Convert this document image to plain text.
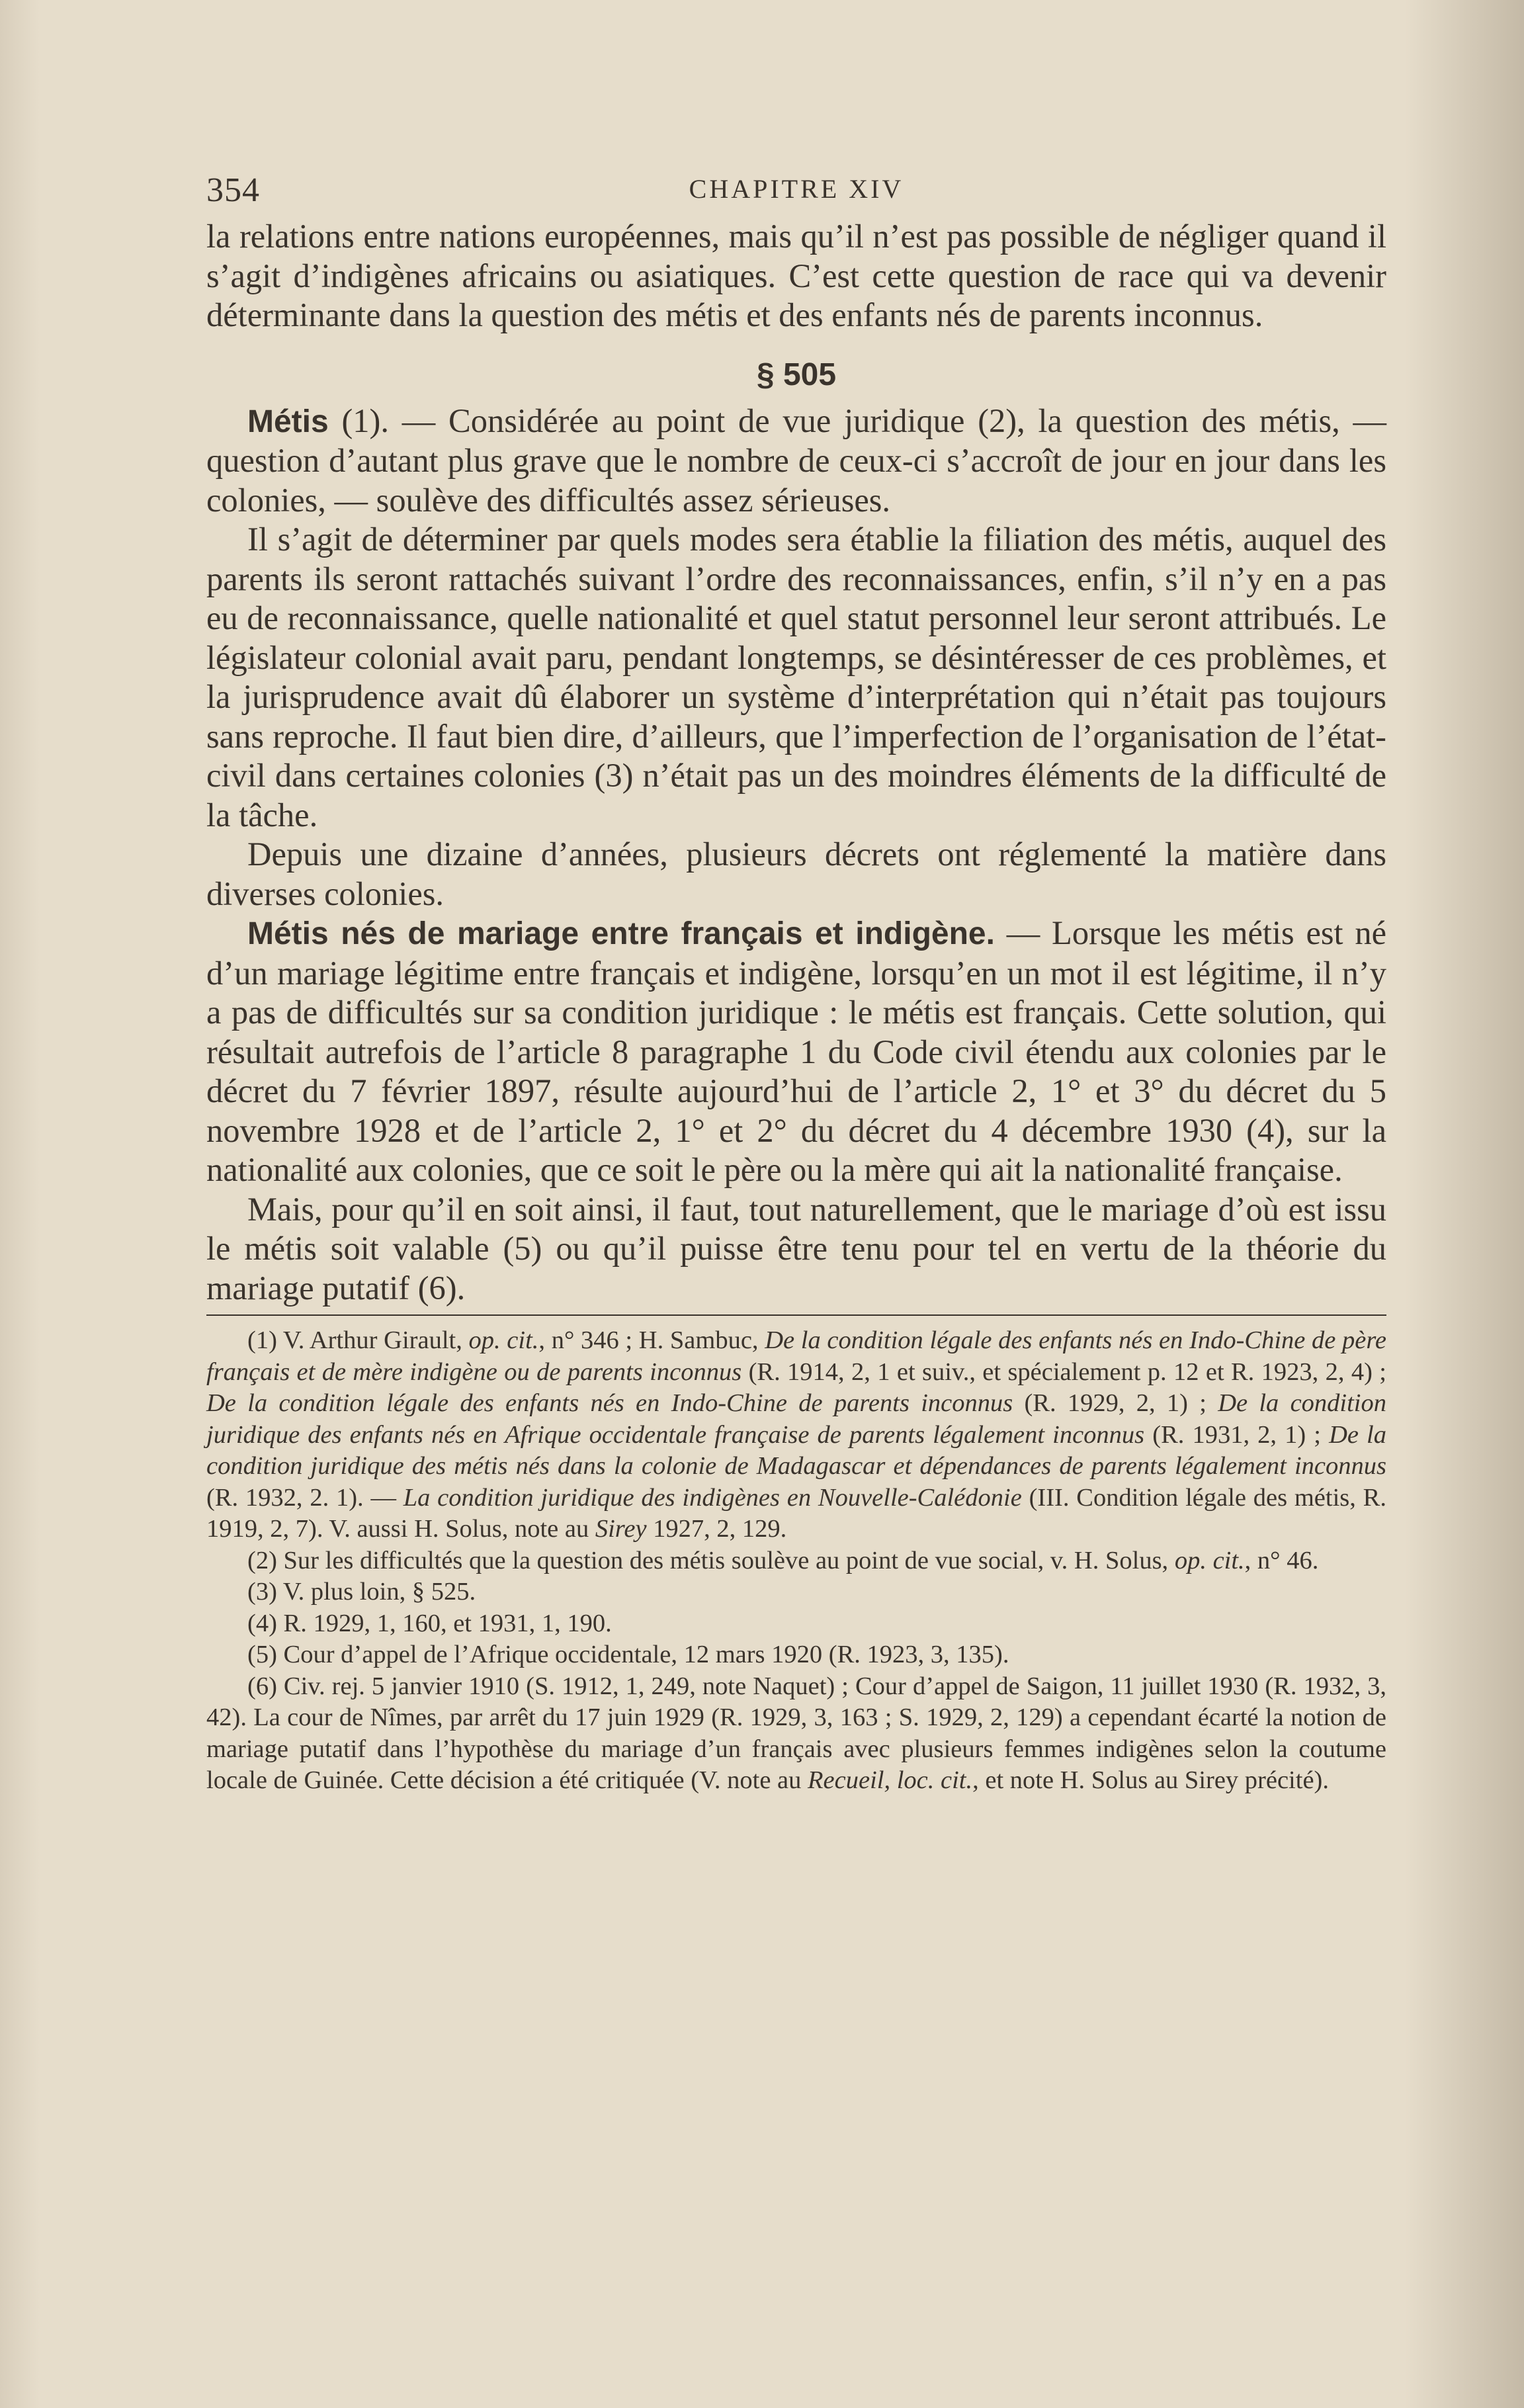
354	CHAPITRE XIV

la relations entre nations européennes, mais qu’il n’est pas possible de négliger quand il s’agit d’indigènes africains ou asiatiques. C’est cette question de race qui va devenir déterminante dans la question des métis et des enfants nés de parents inconnus.

§ 505

Métis (1). — Considérée au point de vue juridique (2), la question des métis, — question d’autant plus grave que le nombre de ceux-ci s’accroît de jour en jour dans les colonies, — soulève des difficultés assez sérieuses.

Il s’agit de déterminer par quels modes sera établie la filiation des métis, auquel des parents ils seront rattachés suivant l’ordre des reconnaissances, enfin, s’il n’y en a pas eu de reconnaissance, quelle nationalité et quel statut personnel leur seront attribués. Le législateur colonial avait paru, pendant longtemps, se désintéresser de ces problèmes, et la jurisprudence avait dû élaborer un système d’interprétation qui n’était pas toujours sans reproche. Il faut bien dire, d’ailleurs, que l’imperfection de l’organisation de l’état-civil dans certaines colonies (3) n’était pas un des moindres éléments de la difficulté de la tâche.

Depuis une dizaine d’années, plusieurs décrets ont réglementé la matière dans diverses colonies.

Métis nés de mariage entre français et indigène. — Lorsque les métis est né d’un mariage légitime entre français et indigène, lorsqu’en un mot il est légitime, il n’y a pas de difficultés sur sa condition juridique : le métis est français. Cette solution, qui résultait autrefois de l’article 8 paragraphe 1 du Code civil étendu aux colonies par le décret du 7 février 1897, résulte aujourd’hui de l’article 2, 1° et 3° du décret du 5 novembre 1928 et de l’article 2, 1° et 2° du décret du 4 décembre 1930 (4), sur la nationalité aux colonies, que ce soit le père ou la mère qui ait la nationalité française.

Mais, pour qu’il en soit ainsi, il faut, tout naturellement, que le mariage d’où est issu le métis soit valable (5) ou qu’il puisse être tenu pour tel en vertu de la théorie du mariage putatif (6).

(1) V. Arthur Girault, op. cit., n° 346 ; H. Sambuc, De la condition légale des enfants nés en Indo-Chine de père français et de mère indigène ou de parents inconnus (R. 1914, 2, 1 et suiv., et spécialement p. 12 et R. 1923, 2, 4) ; De la condition légale des enfants nés en Indo-Chine de parents inconnus (R. 1929, 2, 1) ; De la condition juridique des enfants nés en Afrique occidentale française de parents légalement inconnus (R. 1931, 2, 1) ; De la condition juridique des métis nés dans la colonie de Madagascar et dépendances de parents légalement inconnus (R. 1932, 2. 1). — La condition juridique des indigènes en Nouvelle-Calédonie (III. Condition légale des métis, R. 1919, 2, 7). V. aussi H. Solus, note au Sirey 1927, 2, 129.

(2) Sur les difficultés que la question des métis soulève au point de vue social, v. H. Solus, op. cit., n° 46.

(3) V. plus loin, § 525.

(4) R. 1929, 1, 160, et 1931, 1, 190.

(5) Cour d’appel de l’Afrique occidentale, 12 mars 1920 (R. 1923, 3, 135).

(6) Civ. rej. 5 janvier 1910 (S. 1912, 1, 249, note Naquet) ; Cour d’appel de Saigon, 11 juillet 1930 (R. 1932, 3, 42). La cour de Nîmes, par arrêt du 17 juin 1929 (R. 1929, 3, 163 ; S. 1929, 2, 129) a cependant écarté la notion de mariage putatif dans l’hypothèse du mariage d’un français avec plusieurs femmes indigènes selon la coutume locale de Guinée. Cette décision a été critiquée (V. note au Recueil, loc. cit., et note H. Solus au Sirey précité).
